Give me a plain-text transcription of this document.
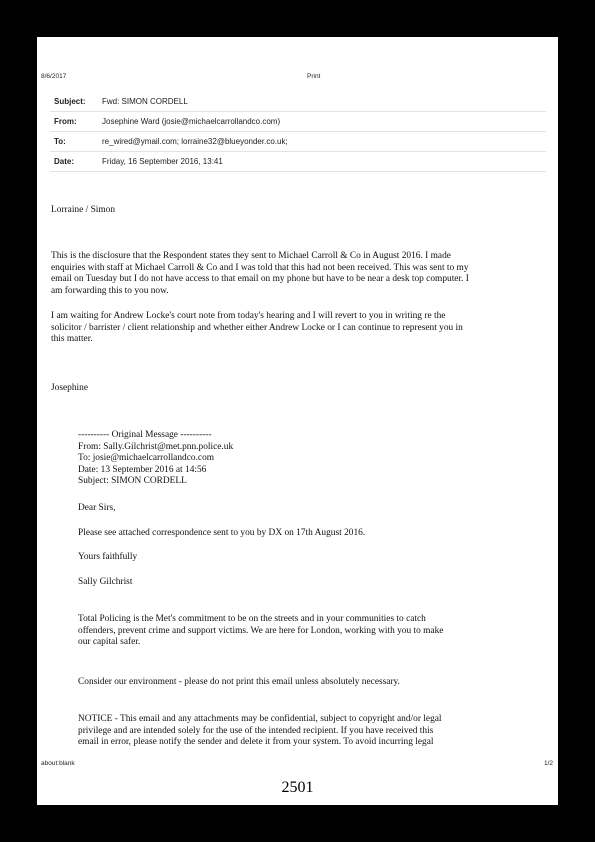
8/6/2017	Print
Subject:	Fwd: SIMON CORDELL
From:	Josephine Ward (josie@michaelcarrollandco.com)
To:	re_wired@ymail.com; lorraine32@blueyonder.co.uk;
Date:	Friday, 16 September 2016, 13:41
Lorraine / Simon
This is the disclosure that the Respondent states they sent to Michael Carroll & Co in August 2016. I made
enquiries with staff at Michael Carroll & Co and I was told that this had not been received. This was sent to my
email on Tuesday but I do not have access to that email on my phone but have to be near a desk top computer. I
am forwarding this to you now.
I am waiting for Andrew Locke's court note from today's hearing and I will revert to you in writing re the
solicitor / barrister / client relationship and whether either Andrew Locke or I can continue to represent you in
this matter.
Josephine
---------- Original Message ----------
From: Sally.Gilchrist@met.pnn.police.uk
To: josie@michaelcarrollandco.com
Date: 13 September 2016 at 14:56
Subject: SIMON CORDELL
Dear Sirs,
Please see attached correspondence sent to you by DX on 17th August 2016.
Yours faithfully
Sally Gilchrist
Total Policing is the Met's commitment to be on the streets and in your communities to catch
offenders, prevent crime and support victims. We are here for London, working with you to make
our capital safer.
Consider our environment - please do not print this email unless absolutely necessary.
NOTICE - This email and any attachments may be confidential, subject to copyright and/or legal
privilege and are intended solely for the use of the intended recipient. If you have received this
email in error, please notify the sender and delete it from your system. To avoid incurring legal
about:blank	1/2
2501
